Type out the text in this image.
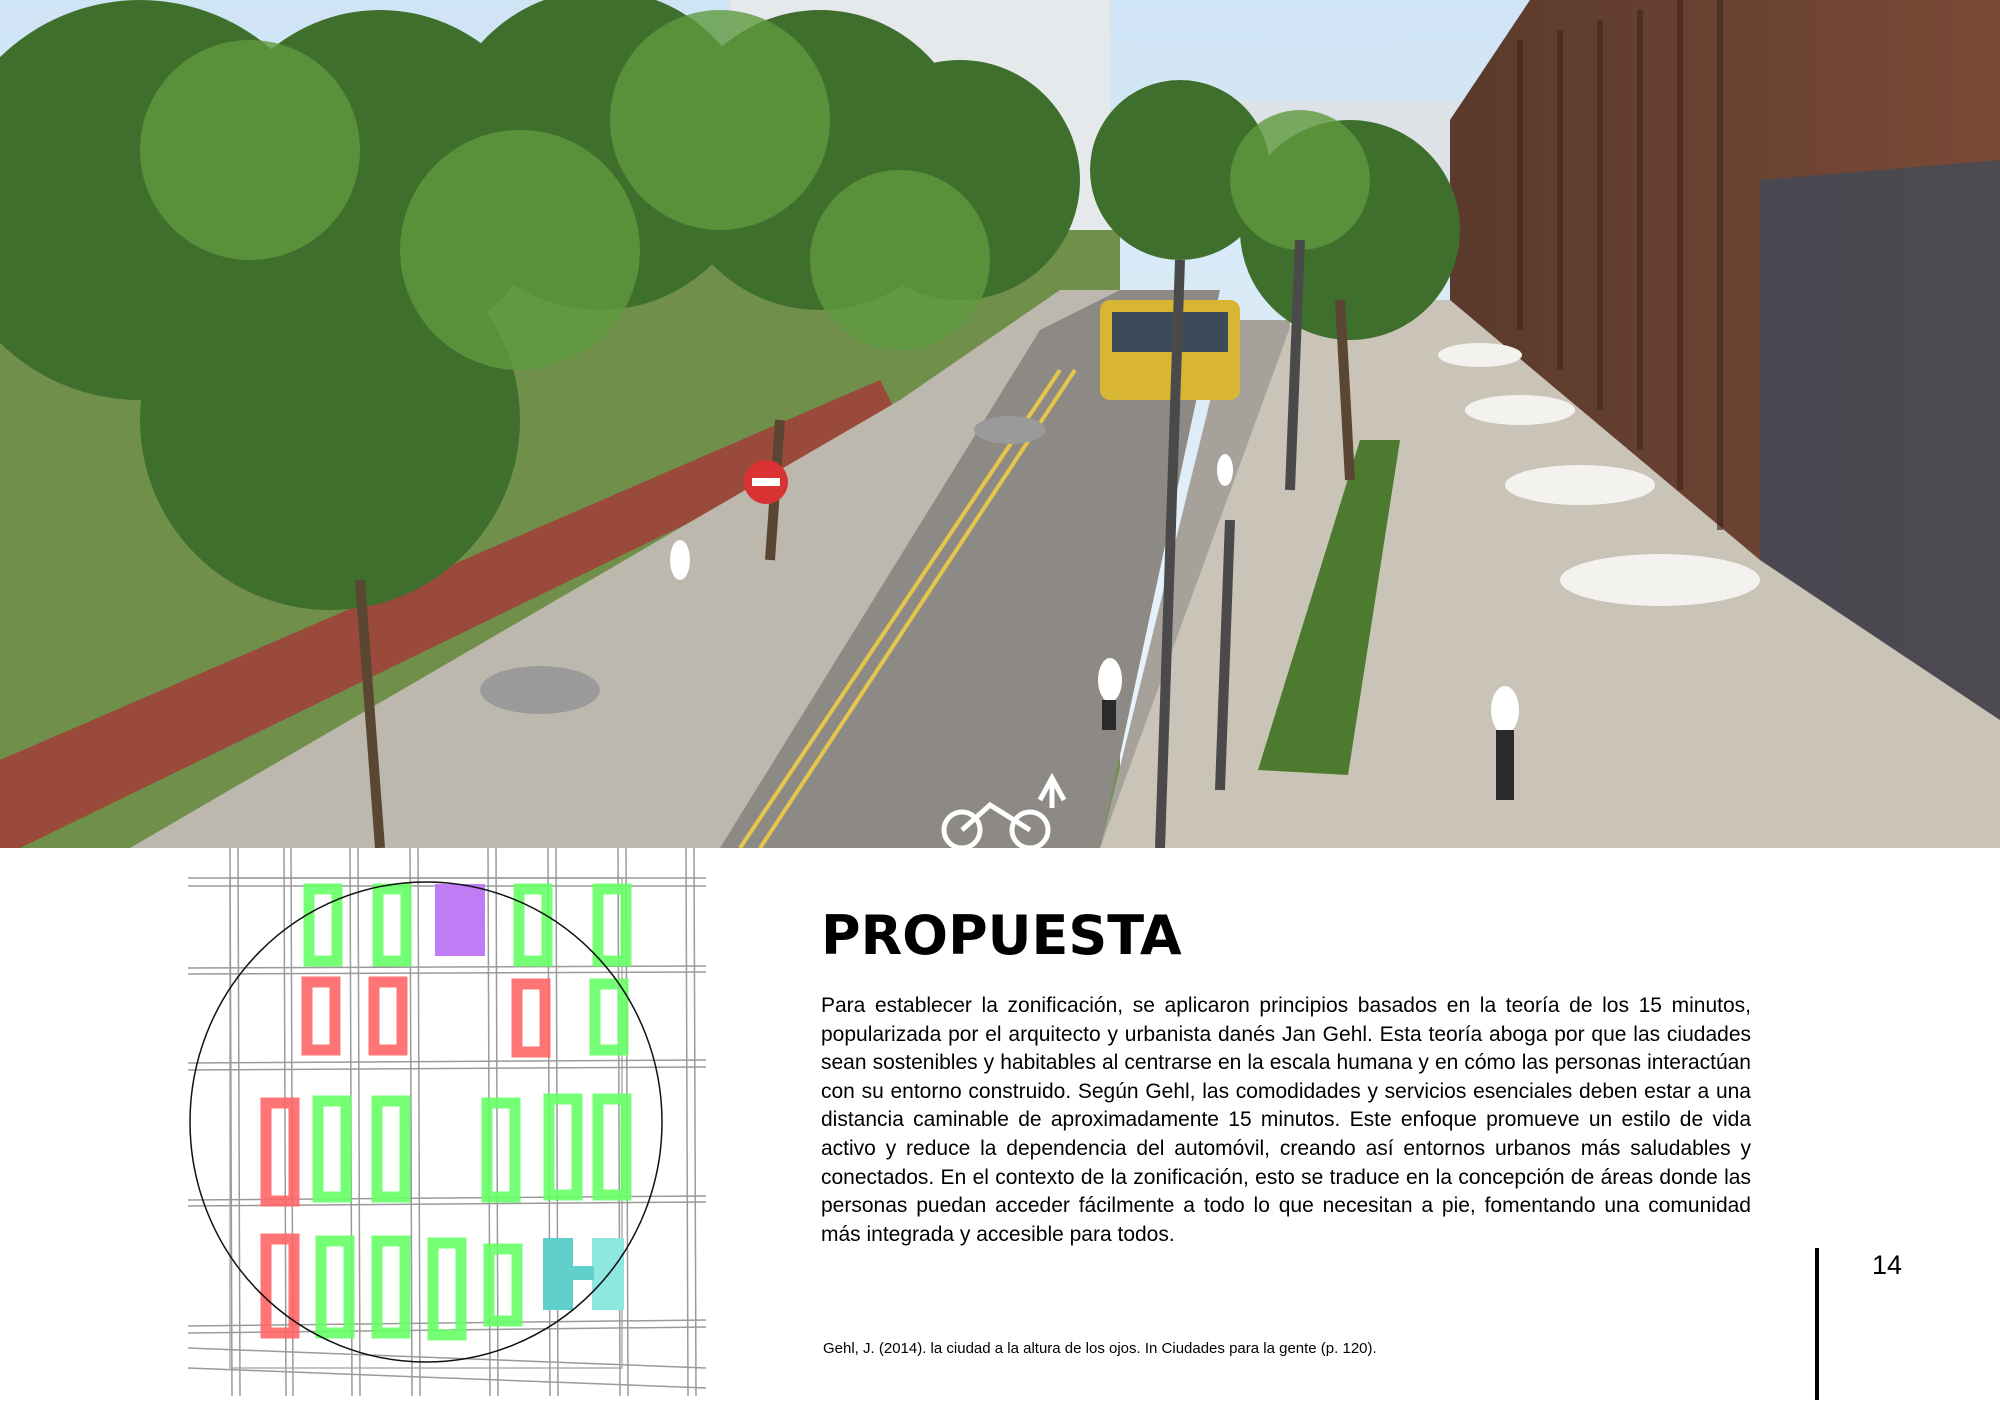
PROPUESTA

Para establecer la zonificación, se aplicaron principios basados en la teoría de los 15 minutos, popularizada por el arquitecto y urbanista danés Jan Gehl. Esta teoría aboga por que las ciudades sean sostenibles y habitables al centrarse en la escala humana y en cómo las personas interactúan con su entorno construido. Según Gehl, las comodidades y servicios esenciales deben estar a una distancia caminable de aproximadamente 15 minutos. Este enfoque promueve un estilo de vida activo y reduce la dependencia del automóvil, creando así entornos urbanos más saludables y conectados. En el contexto de la zonificación, esto se traduce en la concepción de áreas donde las personas puedan acceder fácilmente a todo lo que necesitan a pie, fomentando una comunidad más integrada y accesible para todos.

Gehl, J. (2014). la ciudad a la altura de los ojos. In Ciudades para la gente (p. 120).

14
